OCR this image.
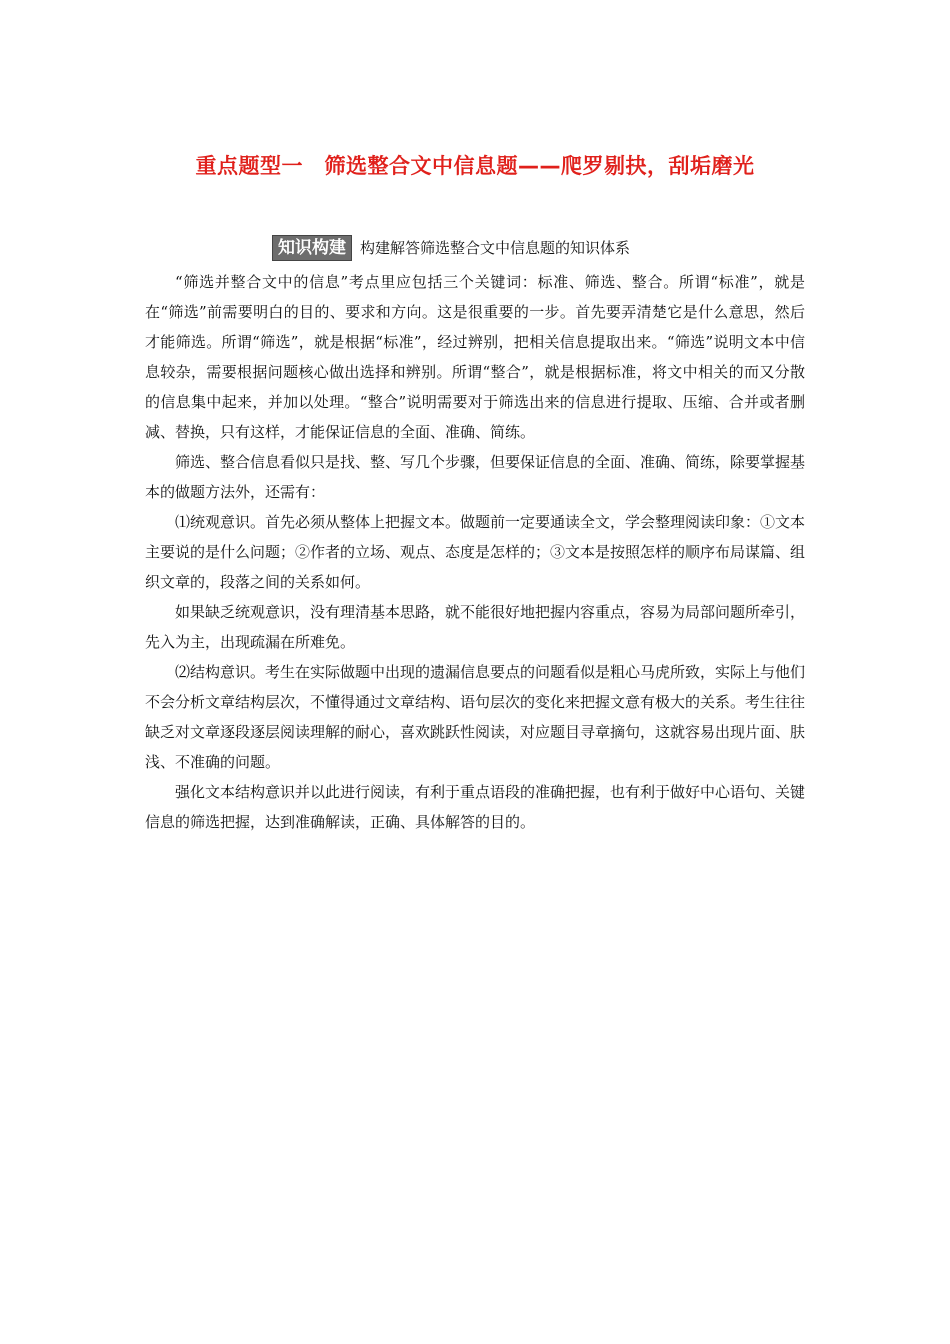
重点题型一　筛选整合文中信息题——爬罗剔抉，刮垢磨光
知识构建 构建解答筛选整合文中信息题的知识体系

“筛选并整合文中的信息”考点里应包括三个关键词：标准、筛选、整合。所谓“标准”，就是在“筛选”前需要明白的目的、要求和方向。这是很重要的一步。首先要弄清楚它是什么意思，然后才能筛选。所谓“筛选”，就是根据“标准”，经过辨别，把相关信息提取出来。“筛选”说明文本中信息较杂，需要根据问题核心做出选择和辨别。所谓“整合”，就是根据标准，将文中相关的而又分散的信息集中起来，并加以处理。“整合”说明需要对于筛选出来的信息进行提取、压缩、合并或者删减、替换，只有这样，才能保证信息的全面、准确、简练。

筛选、整合信息看似只是找、整、写几个步骤，但要保证信息的全面、准确、简练，除要掌握基本的做题方法外，还需有：

⑴统观意识。首先必须从整体上把握文本。做题前一定要通读全文，学会整理阅读印象：①文本主要说的是什么问题；②作者的立场、观点、态度是怎样的；③文本是按照怎样的顺序布局谋篇、组织文章的，段落之间的关系如何。

如果缺乏统观意识，没有理清基本思路，就不能很好地把握内容重点，容易为局部问题所牵引，先入为主，出现疏漏在所难免。

⑵结构意识。考生在实际做题中出现的遗漏信息要点的问题看似是粗心马虎所致，实际上与他们不会分析文章结构层次，不懂得通过文章结构、语句层次的变化来把握文意有极大的关系。考生往往缺乏对文章逐段逐层阅读理解的耐心，喜欢跳跃性阅读，对应题目寻章摘句，这就容易出现片面、肤浅、不准确的问题。

强化文本结构意识并以此进行阅读，有利于重点语段的准确把握，也有利于做好中心语句、关键信息的筛选把握，达到准确解读，正确、具体解答的目的。
